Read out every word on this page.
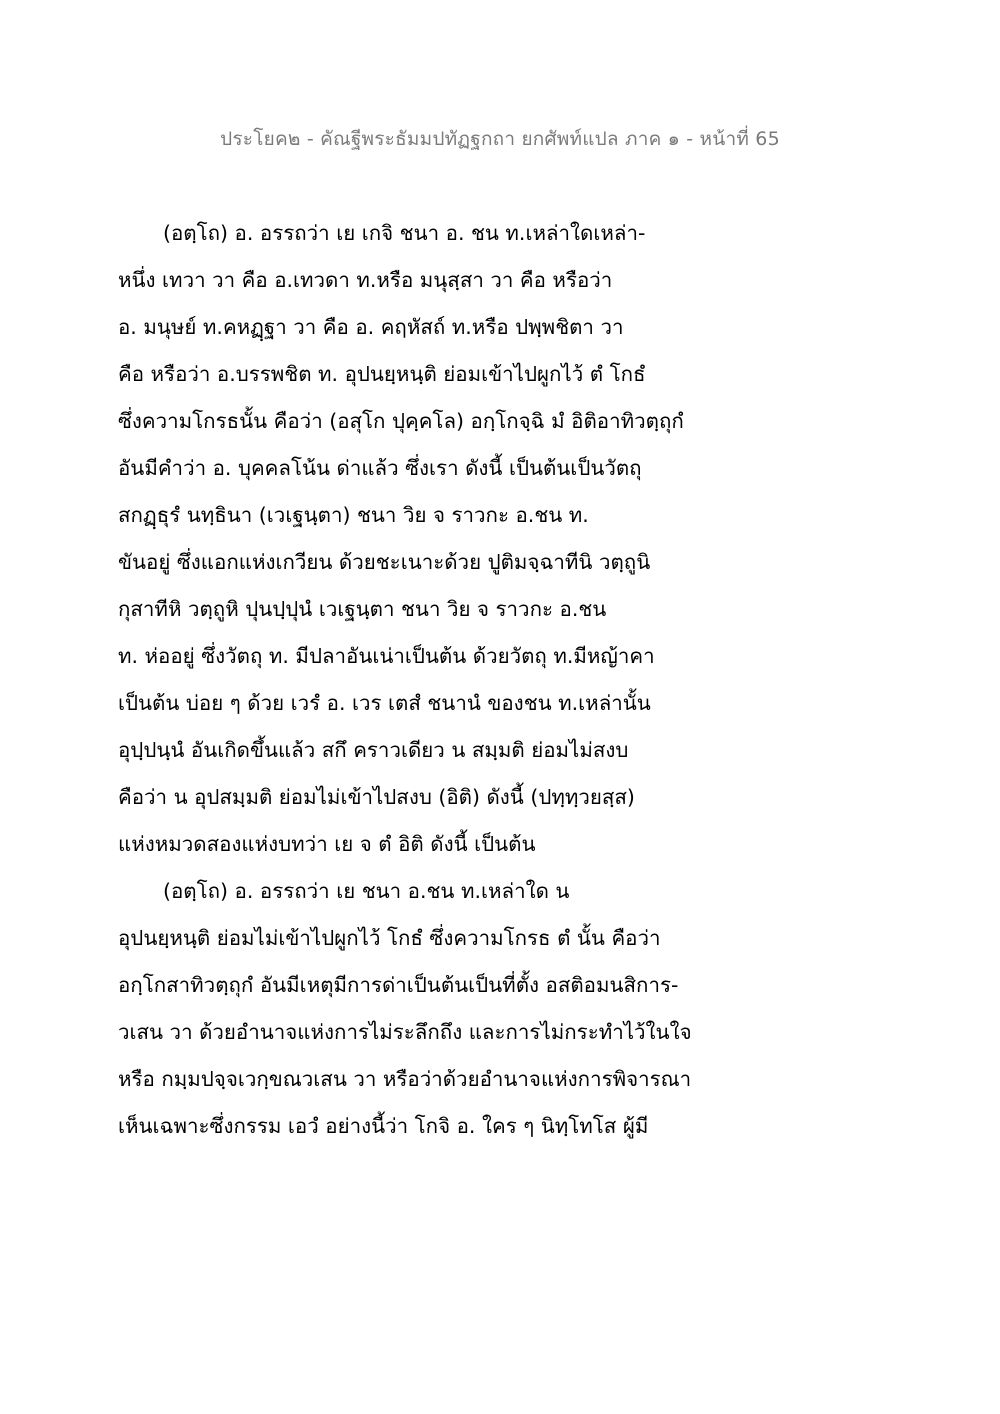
ประโยค๒ - คัณฐีพระธัมมปทัฏฐกถา ยกศัพท์แปล ภาค ๑ - หน้าที่ 65
(อตฺโถ) อ. อรรถว่า เย เกจิ ชนา อ. ชน ท.เหล่าใดเหล่า-
หนึ่ง เทวา วา คือ อ.เทวดา ท.หรือ มนุสฺสา วา คือ หรือว่า
อ. มนุษย์ ท.คหฏฺฐา วา คือ อ. คฤหัสถ์ ท.หรือ ปพฺพชิตา วา
คือ หรือว่า อ.บรรพชิต ท. อุปนยฺหนฺติ ย่อมเข้าไปผูกไว้ ตํ โกธํ
ซึ่งความโกรธนั้น คือว่า (อสุโก ปุคฺคโล) อกฺโกจฺฉิ มํ อิติอาทิวตฺถุกํ
อันมีคำว่า อ. บุคคลโน้น ด่าแล้ว ซึ่งเรา ดังนี้ เป็นต้นเป็นวัตถุ
สกฏฺธุรํ นทฺธินา (เวเฐนฺตา) ชนา วิย จ ราวกะ อ.ชน ท.
ขันอยู่ ซึ่งแอกแห่งเกวียน ด้วยชะเนาะด้วย ปูติมจฺฉาทีนิ วตฺถูนิ
กุสาทีหิ วตฺถูหิ ปุนปฺปุนํ เวเฐนฺตา ชนา วิย จ ราวกะ อ.ชน
ท. ห่ออยู่ ซึ่งวัตถุ ท. มีปลาอันเน่าเป็นต้น ด้วยวัตถุ ท.มีหญ้าคา
เป็นต้น บ่อย ๆ ด้วย เวรํ อ. เวร เตสํ ชนานํ ของชน ท.เหล่านั้น
อุปฺปนฺนํ อันเกิดขึ้นแล้ว สกึ คราวเดียว น สมฺมติ ย่อมไม่สงบ
คือว่า น อุปสมฺมติ ย่อมไม่เข้าไปสงบ (อิติ) ดังนี้ (ปทฺทฺวยสฺส)
แห่งหมวดสองแห่งบทว่า เย จ ตํ อิติ ดังนี้ เป็นต้น
(อตฺโถ) อ. อรรถว่า เย ชนา อ.ชน ท.เหล่าใด น
อุปนยฺหนฺติ ย่อมไม่เข้าไปผูกไว้ โกธํ ซึ่งความโกรธ ตํ นั้น คือว่า
อกฺโกสาทิวตฺถุกํ อันมีเหตุมีการด่าเป็นต้นเป็นที่ตั้ง อสติอมนสิการ-
วเสน วา ด้วยอำนาจแห่งการไม่ระลึกถึง และการไม่กระทำไว้ในใจ
หรือ กมฺมปจฺจเวกฺขณวเสน วา หรือว่าด้วยอำนาจแห่งการพิจารณา
เห็นเฉพาะซึ่งกรรม เอวํ อย่างนี้ว่า โกจิ อ. ใคร ๆ นิทฺโทโส ผู้มี
